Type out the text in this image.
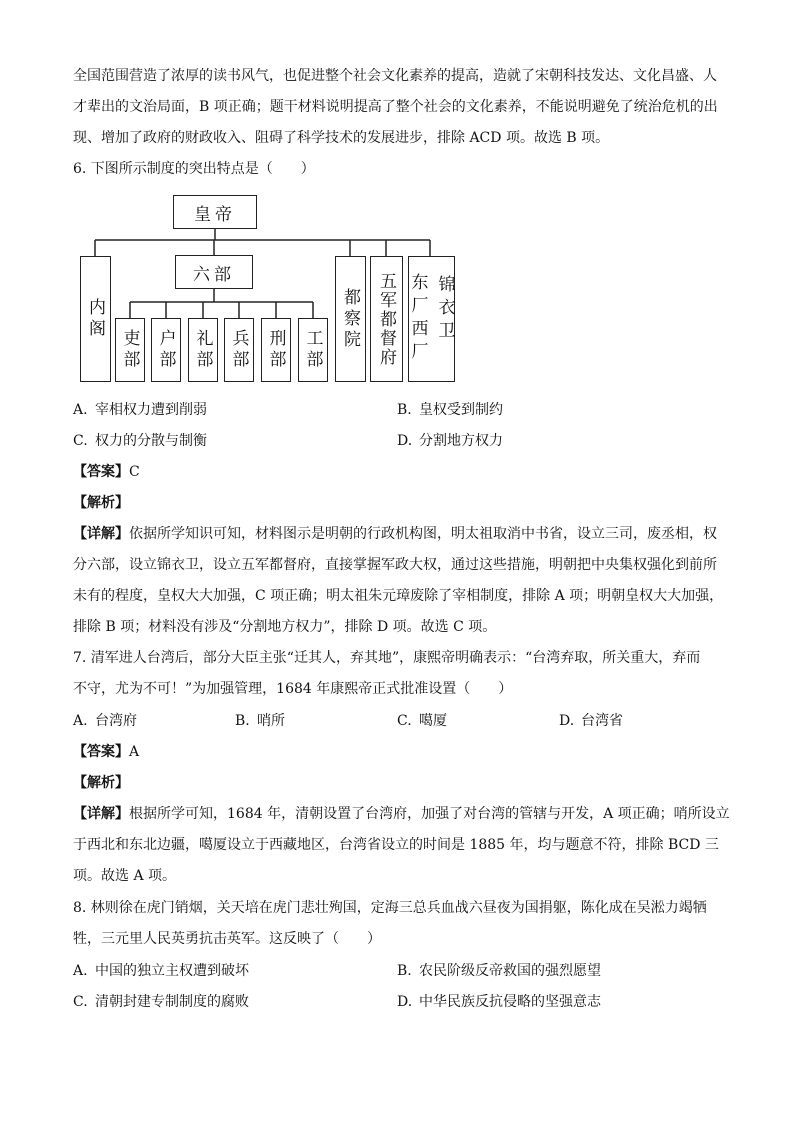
全国范围营造了浓厚的读书风气，也促进整个社会文化素养的提高，造就了宋朝科技发达、文化昌盛、人
才辈出的文治局面，B 项正确；题干材料说明提高了整个社会的文化素养，不能说明避免了统治危机的出
现、增加了政府的财政收入、阻碍了科学技术的发展进步，排除 ACD 项。故选 B 项。
6. 下图所示制度的突出特点是（　　）
皇帝
六部
内阁
吏部 户部 礼部 兵部 刑部 工部 都察院 五军都督府 东厂西厂 锦衣卫
A. 宰相权力遭到削弱	B. 皇权受到制约
C. 权力的分散与制衡	D. 分割地方权力
【答案】C
【解析】
【详解】依据所学知识可知，材料图示是明朝的行政机构图，明太祖取消中书省，设立三司，废丞相，权
分六部，设立锦衣卫，设立五军都督府，直接掌握军政大权，通过这些措施，明朝把中央集权强化到前所
未有的程度，皇权大大加强，C 项正确；明太祖朱元璋废除了宰相制度，排除 A 项；明朝皇权大大加强，
排除 B 项；材料没有涉及“分割地方权力”，排除 D 项。故选 C 项。
7. 清军进人台湾后，部分大臣主张“迁其人，弃其地”，康熙帝明确表示：“台湾弃取，所关重大，弃而
不守，尤为不可！”为加强管理，1684 年康熙帝正式批准设置（　　）
A. 台湾府	B. 哨所	C. 噶厦	D. 台湾省
【答案】A
【解析】
【详解】根据所学可知，1684 年，清朝设置了台湾府，加强了对台湾的管辖与开发，A 项正确；哨所设立
于西北和东北边疆，噶厦设立于西藏地区，台湾省设立的时间是 1885 年，均与题意不符，排除 BCD 三
项。故选 A 项。
8. 林则徐在虎门销烟，关天培在虎门悲壮殉国，定海三总兵血战六昼夜为国捐躯，陈化成在吴淞力竭牺
牲，三元里人民英勇抗击英军。这反映了（　　）
A. 中国的独立主权遭到破坏	B. 农民阶级反帝救国的强烈愿望
C. 清朝封建专制制度的腐败	D. 中华民族反抗侵略的坚强意志
